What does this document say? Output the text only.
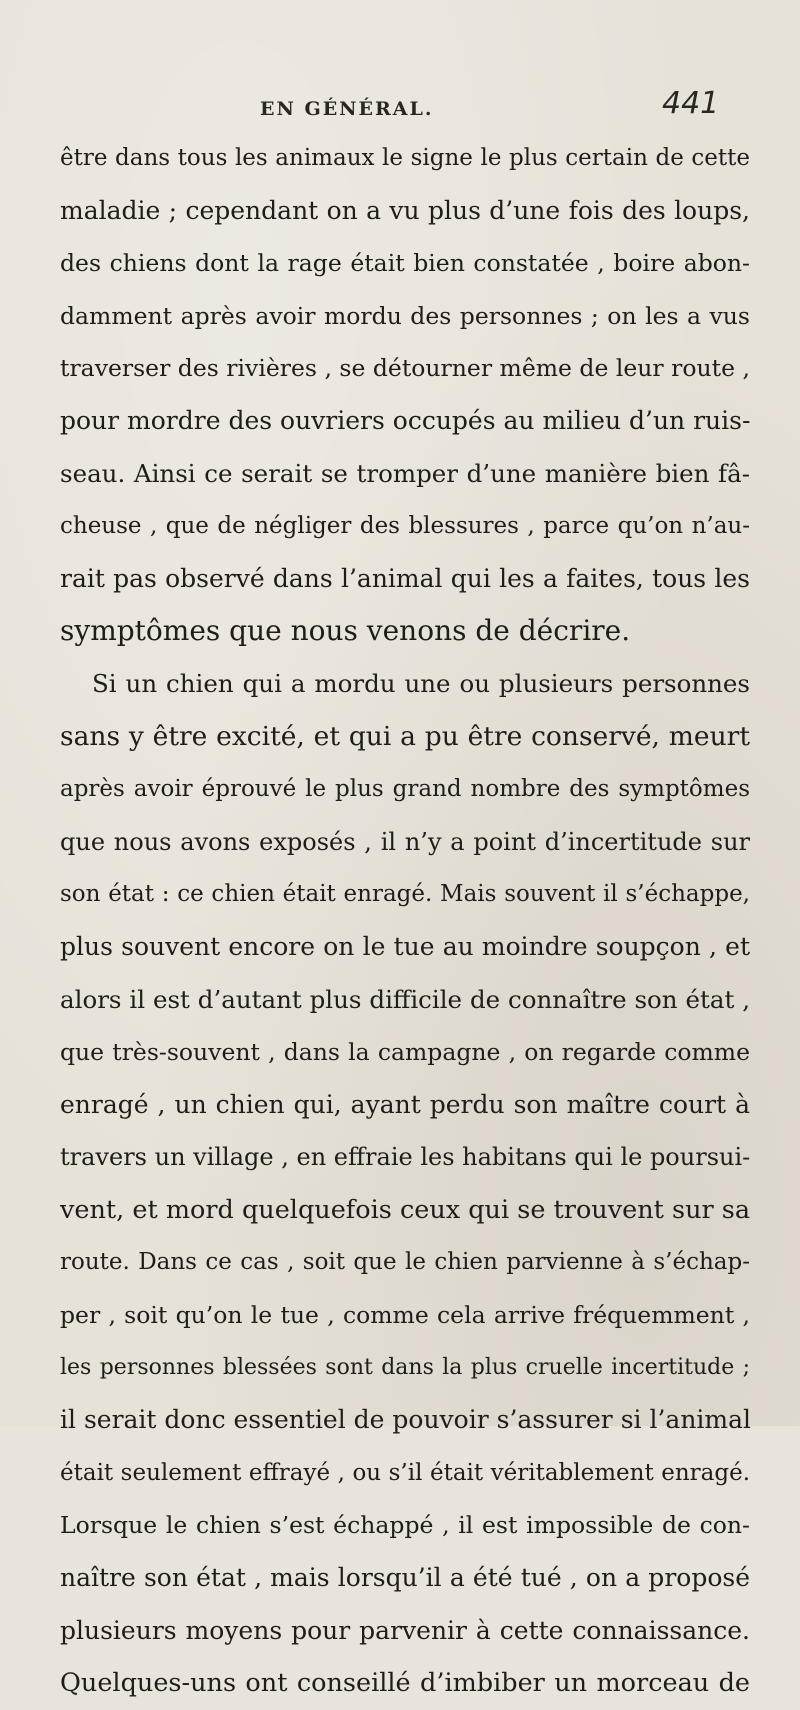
EN GÉNÉRAL.	441
être dans tous les animaux le signe le plus certain de cette
maladie ; cependant on a vu plus d’une fois des loups,
des chiens dont la rage était bien constatée , boire abon-
damment après avoir mordu des personnes ; on les a vus
traverser des rivières , se détourner même de leur route ,
pour mordre des ouvriers occupés au milieu d’un ruis-
seau. Ainsi ce serait se tromper d’une manière bien fâ-
cheuse , que de négliger des blessures , parce qu’on n’au-
rait pas observé dans l’animal qui les a faites, tous les
symptômes que nous venons de décrire.
Si un chien qui a mordu une ou plusieurs personnes
sans y être excité, et qui a pu être conservé, meurt
après avoir éprouvé le plus grand nombre des symptômes
que nous avons exposés , il n’y a point d’incertitude sur
son état : ce chien était enragé. Mais souvent il s’échappe,
plus souvent encore on le tue au moindre soupçon , et
alors il est d’autant plus difficile de connaître son état ,
que très-souvent , dans la campagne , on regarde comme
enragé , un chien qui, ayant perdu son maître court à
travers un village , en effraie les habitans qui le poursui-
vent, et mord quelquefois ceux qui se trouvent sur sa
route. Dans ce cas , soit que le chien parvienne à s’échap-
per , soit qu’on le tue , comme cela arrive fréquemment ,
les personnes blessées sont dans la plus cruelle incertitude ;
il serait donc essentiel de pouvoir s’assurer si l’animal
était seulement effrayé , ou s’il était véritablement enragé.
Lorsque le chien s’est échappé , il est impossible de con-
naître son état , mais lorsqu’il a été tué , on a proposé
plusieurs moyens pour parvenir à cette connaissance.
Quelques-uns ont conseillé d’imbiber un morceau de
